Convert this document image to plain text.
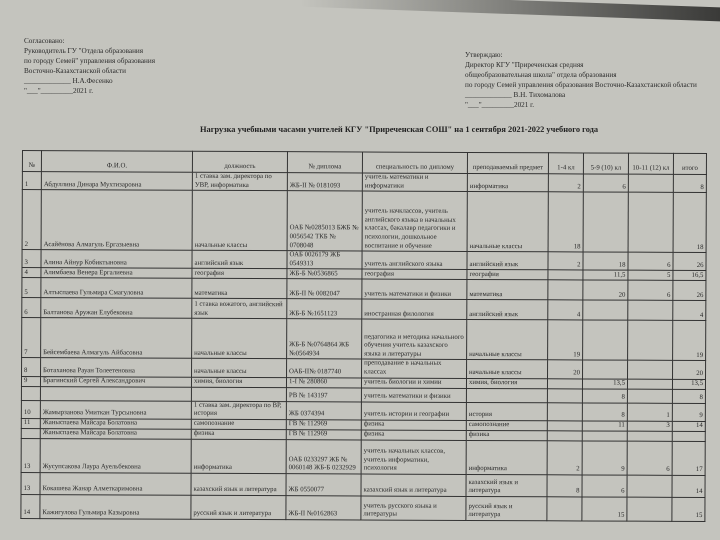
Согласовано:
Руководитель ГУ "Отдела образования
по городу Семей" управления образования
Восточно-Казахстанской области
_____________ Н.А.Фесенко
"___"_________2021 г.
Утверждаю:
Директор КГУ "Приреченская средняя
общеобразовательная школа" отдела образования
по городу Семей управления образования Восточно-Казахстанской области
_____________ В.Н. Тихомалова
"___"_________2021 г.
Нагрузка учебными часами учителей КГУ "Приреченская СОШ" на 1 сентября 2021-2022 учебного года
№	Ф.И.О.	должность	№ диплома	специальность по диплому	преподаваемый предмет	1-4 кл	5-9 (10) кл	10-11 (12) кл	итого
1	Абдуллина Динара Мухтизаровна	1 ставка зам. директора по УВР, информатика	ЖБ-II № 0181093	учитель математики и информатики	информатика	2	6		8
2	Асайёнова Алмагуль Ергазыевна	начальные классы	ОАБ №0285013 БЖБ № 0056542 ТКБ № 0708048	учитель начклассов, учитель английского языка в начальных классах, бакалавр педагогики и психологии, дошкольное воспитание и обучение	начальные классы	18			18
3	Алина Айнур Кобиктыновна	английский язык	ОАБ 0026179 ЖБ 0549313	учитель английского языка	английский язык	2	18	6	26
4	Алимбаева Венера Ергалиевна	география	ЖБ-Б №0536865	география	география		11,5	5	16,5
5	Алтыспаева Гульмира Смагуловна	математика	ЖБ-II № 0082047	учитель математики и физики	математика		20	6	26
6	Балтанова Аружан Елубековна	1 ставка вожатого, английский язык	ЖБ-Б №1651123	иностранная филология	английский язык	4			4
7	Бейсембаева Алмагуль Айбасовна	начальные классы	ЖБ-Б №0764864 ЖБ №0564934	педагогика и методика начального обучения учитель казахского языка и литературы	начальные классы	19			19
8	Ботаханова Рауан Толеетеновна	начальные классы	ОАБ-II№ 0187740	преподавание в начальных классах	начальные классы	20			20
9	Брагинский Сергей Александрович	химия, биология	1-I № 280860	учитель биологии и химии	химия, биология		13,5		13,5
			РВ № 143197	учитель математики и физики			8		8
10	Жамырзанова Умиткан Турсыновна	1 ставка зам. директора по ВР, история	ЖБ 0374394	учитель истории и географии	история		8	1	9
11	Жаныспаева Майсара Болатовна	самопознание	ГВ № 112969	физика	самопознание		11	3	14
	Жаныспаева Майсара Болатовна	физика	ГВ № 112969	физика	физика				
13	Жусупсакова Лаура Ауельбековна	информатика	ОАБ 0233297 ЖБ № 0060148 ЖБ-Б 0232929	учитель начальных классов, учитель информатики, психология	информатика	2	9	6	17
13	Кокашева Жанар Алметкаримовна	казахский язык и литература	ЖБ 0550077	казахский язык и литература	казахский язык и литература	8	6		14
14	Кажигулова Гульмира Казыровна	русский язык и литература	ЖБ-II №0162863	учитель русского языка и литературы	русский язык и литература		15		15
